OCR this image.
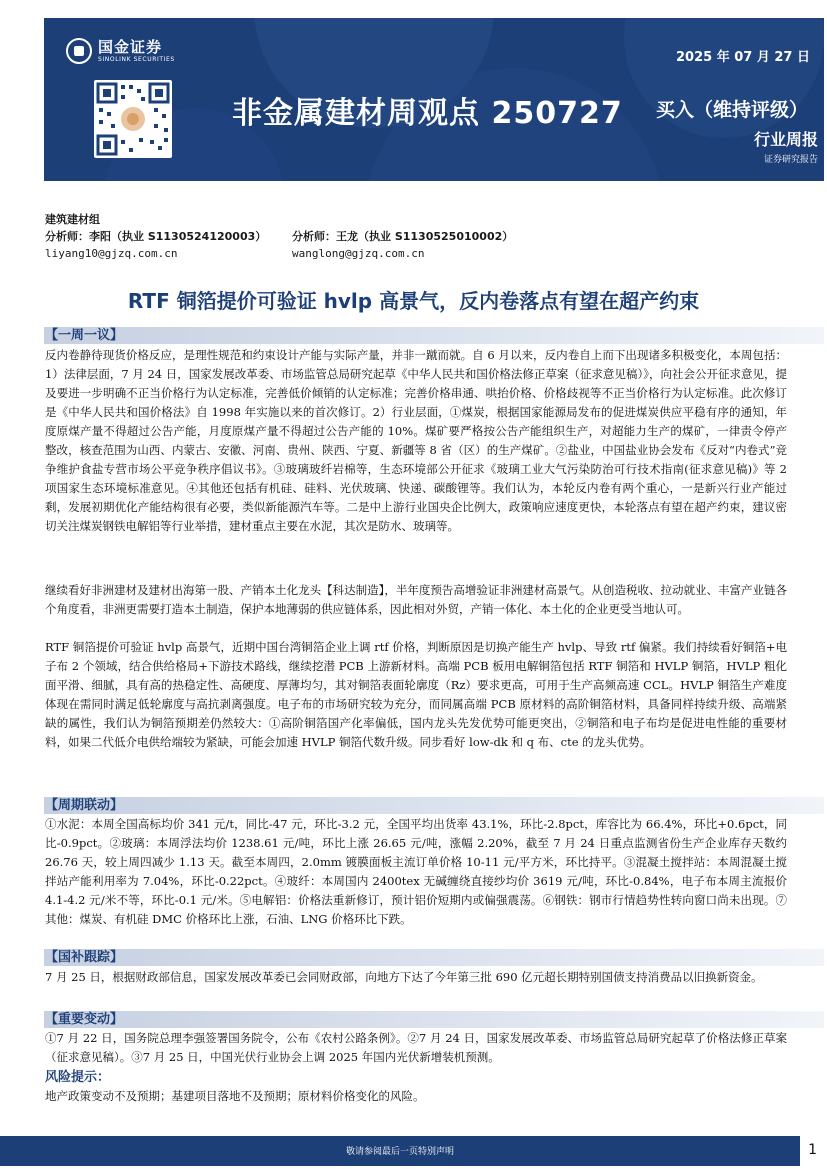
国金证券
SINOLINK SECURITIES	2025 年 07 月 27 日
非金属建材周观点 250727 买入（维持评级）
行业周报
证券研究报告
建筑建材组
分析师：李阳（执业 S1130524120003）
liyang10@gjzq.com.cn
分析师：王龙（执业 S1130525010002）
wanglong@gjzq.com.cn
RTF 铜箔提价可验证 hvlp 高景气，反内卷落点有望在超产约束
【一周一议】

反内卷静待现货价格反应，是理性规范和约束设计产能与实际产量，并非一蹴而就。自 6 月以来，反内卷自上而下出现诸多积极变化，本周包括：1）法律层面，7 月 24 日，国家发展改革委、市场监管总局研究起草《中华人民共和国价格法修正草案（征求意见稿）》，向社会公开征求意见，提及要进一步明确不正当价格行为认定标准，完善低价倾销的认定标准；完善价格串通、哄抬价格、价格歧视等不正当价格行为认定标准。此次修订是《中华人民共和国价格法》自 1998 年实施以来的首次修订。2）行业层面，①煤炭，根据国家能源局发布的促进煤炭供应平稳有序的通知，年度原煤产量不得超过公告产能，月度原煤产量不得超过公告产能的 10%。煤矿要严格按公告产能组织生产，对超能力生产的煤矿，一律责令停产整改，核查范围为山西、内蒙古、安徽、河南、贵州、陕西、宁夏、新疆等 8 省（区）的生产煤矿。②盐业，中国盐业协会发布《反对“内卷式”竞争维护食盐专营市场公平竞争秩序倡议书》。③玻璃玻纤岩棉等，生态环境部公开征求《玻璃工业大气污染防治可行技术指南(征求意见稿)》等 2 项国家生态环境标准意见。④其他还包括有机硅、硅料、光伏玻璃、快递、碳酸锂等。我们认为，本轮反内卷有两个重心，一是新兴行业产能过剩，发展初期优化产能结构很有必要，类似新能源汽车等。二是中上游行业国央企比例大，政策响应速度更快，本轮落点有望在超产约束，建议密切关注煤炭钢铁电解铝等行业举措，建材重点主要在水泥，其次是防水、玻璃等。

继续看好非洲建材及建材出海第一股、产销本土化龙头【科达制造】，半年度预告高增验证非洲建材高景气。从创造税收、拉动就业、丰富产业链各个角度看，非洲更需要打造本土制造，保护本地薄弱的供应链体系，因此相对外贸，产销一体化、本土化的企业更受当地认可。

RTF 铜箔提价可验证 hvlp 高景气，近期中国台湾铜箔企业上调 rtf 价格，判断原因是切换产能生产 hvlp、导致 rtf 偏紧。我们持续看好铜箔+电子布 2 个领域，结合供给格局+下游技术路线，继续挖潜 PCB 上游新材料。高端 PCB 板用电解铜箔包括 RTF 铜箔和 HVLP 铜箔，HVLP 粗化面平滑、细腻，具有高的热稳定性、高硬度、厚薄均匀，其对铜箔表面轮廓度（Rz）要求更高，可用于生产高频高速 CCL。HVLP 铜箔生产难度体现在需同时满足低轮廓度与高抗剥离强度。电子布的市场研究较为充分，而同属高端 PCB 原材料的高阶铜箔材料，具备同样持续升级、高端紧缺的属性，我们认为铜箔预期差仍然较大：①高阶铜箔国产化率偏低，国内龙头先发优势可能更突出，②铜箔和电子布均是促进电性能的重要材料，如果二代低介电供给端较为紧缺，可能会加速 HVLP 铜箔代数升级。同步看好 low-dk 和 q 布、cte 的龙头优势。

【周期联动】

①水泥：本周全国高标均价 341 元/t，同比-47 元，环比-3.2 元，全国平均出货率 43.1%，环比-2.8pct，库容比为 66.4%，环比+0.6pct，同比-0.9pct。②玻璃：本周浮法均价 1238.61 元/吨，环比上涨 26.65 元/吨，涨幅 2.20%，截至 7 月 24 日重点监测省份生产企业库存天数约 26.76 天，较上周四减少 1.13 天。截至本周四，2.0mm 镀膜面板主流订单价格 10-11 元/平方米，环比持平。③混凝土搅拌站：本周混凝土搅拌站产能利用率为 7.04%，环比-0.22pct。④玻纤：本周国内 2400tex 无碱缠绕直接纱均价 3619 元/吨，环比-0.84%，电子布本周主流报价 4.1-4.2 元/米不等，环比-0.1 元/米。⑤电解铝：价格法重新修订，预计铝价短期内或偏强震荡。⑥钢铁：钢市行情趋势性转向窗口尚未出现。⑦其他：煤炭、有机硅 DMC 价格环比上涨，石油、LNG 价格环比下跌。

【国补跟踪】

7 月 25 日，根据财政部信息，国家发展改革委已会同财政部，向地方下达了今年第三批 690 亿元超长期特别国债支持消费品以旧换新资金。

【重要变动】

①7 月 22 日，国务院总理李强签署国务院令，公布《农村公路条例》。②7 月 24 日，国家发展改革委、市场监管总局研究起草了价格法修正草案（征求意见稿）。③7 月 25 日，中国光伏行业协会上调 2025 年国内光伏新增装机预测。

风险提示：

地产政策变动不及预期；基建项目落地不及预期；原材料价格变化的风险。

敬请参阅最后一页特别声明	1
